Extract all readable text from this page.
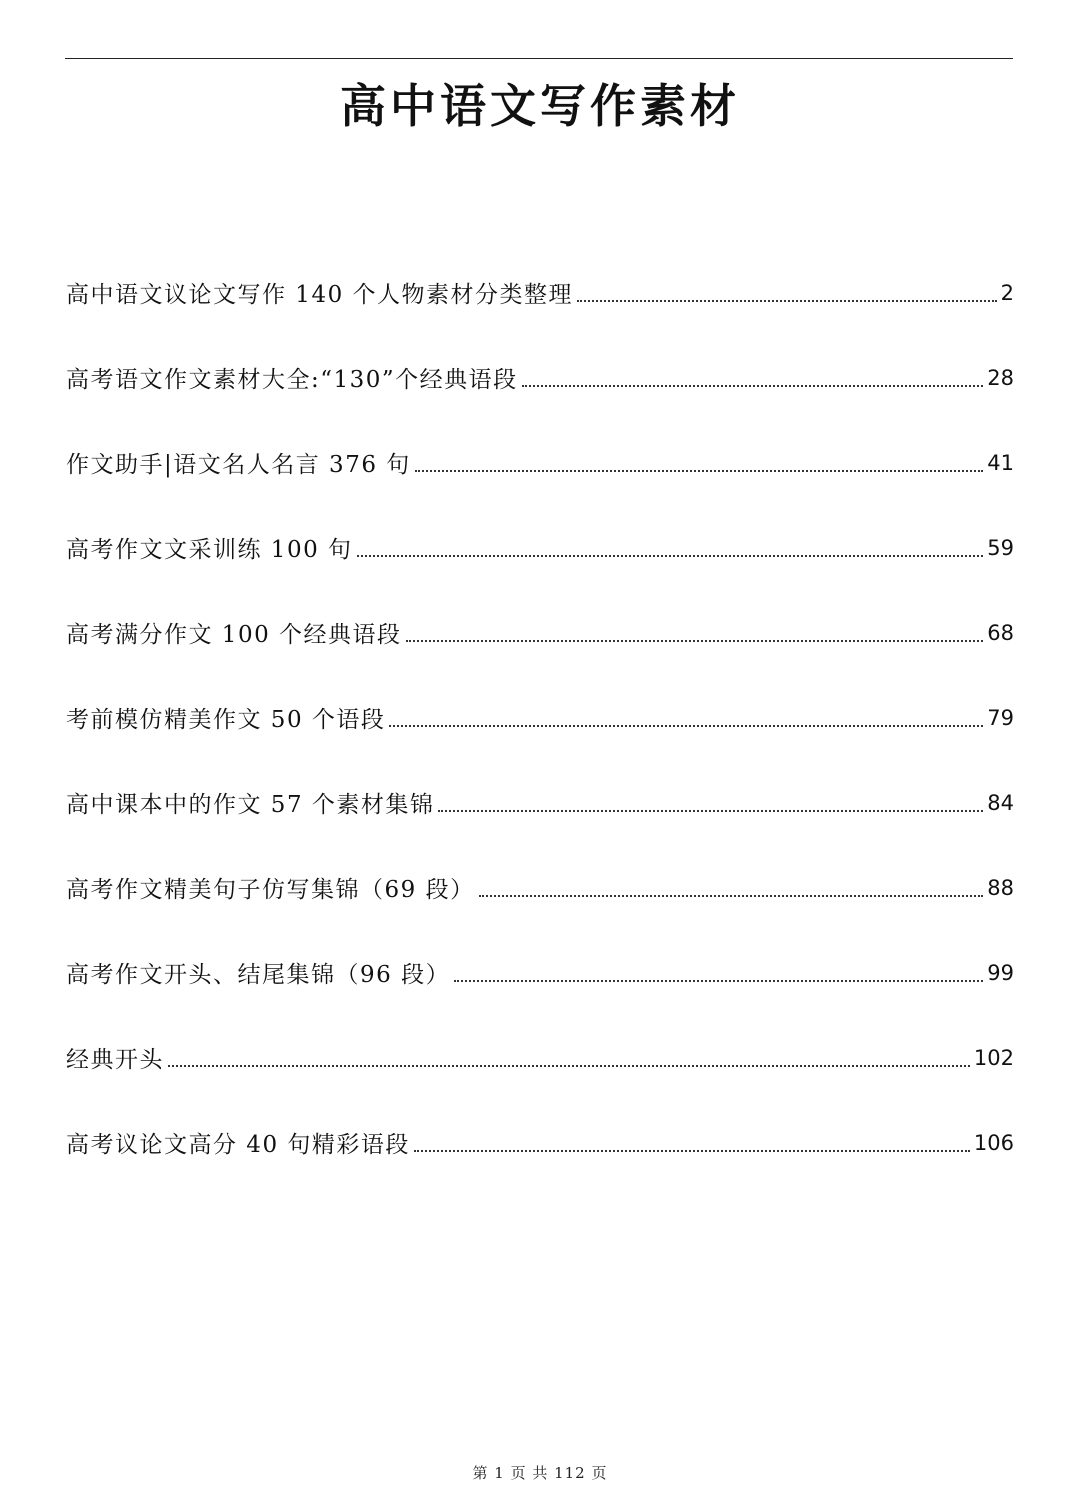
高中语文写作素材
高中语文议论文写作 140 个人物素材分类整理	2
高考语文作文素材大全:“130”个经典语段	28
作文助手|语文名人名言 376 句	41
高考作文文采训练 100 句	59
高考满分作文 100 个经典语段	68
考前模仿精美作文 50 个语段	79
高中课本中的作文 57 个素材集锦	84
高考作文精美句子仿写集锦（69 段）	88
高考作文开头、结尾集锦（96 段）	99
经典开头	102
高考议论文高分 40 句精彩语段	106
第 1 页 共 112 页
